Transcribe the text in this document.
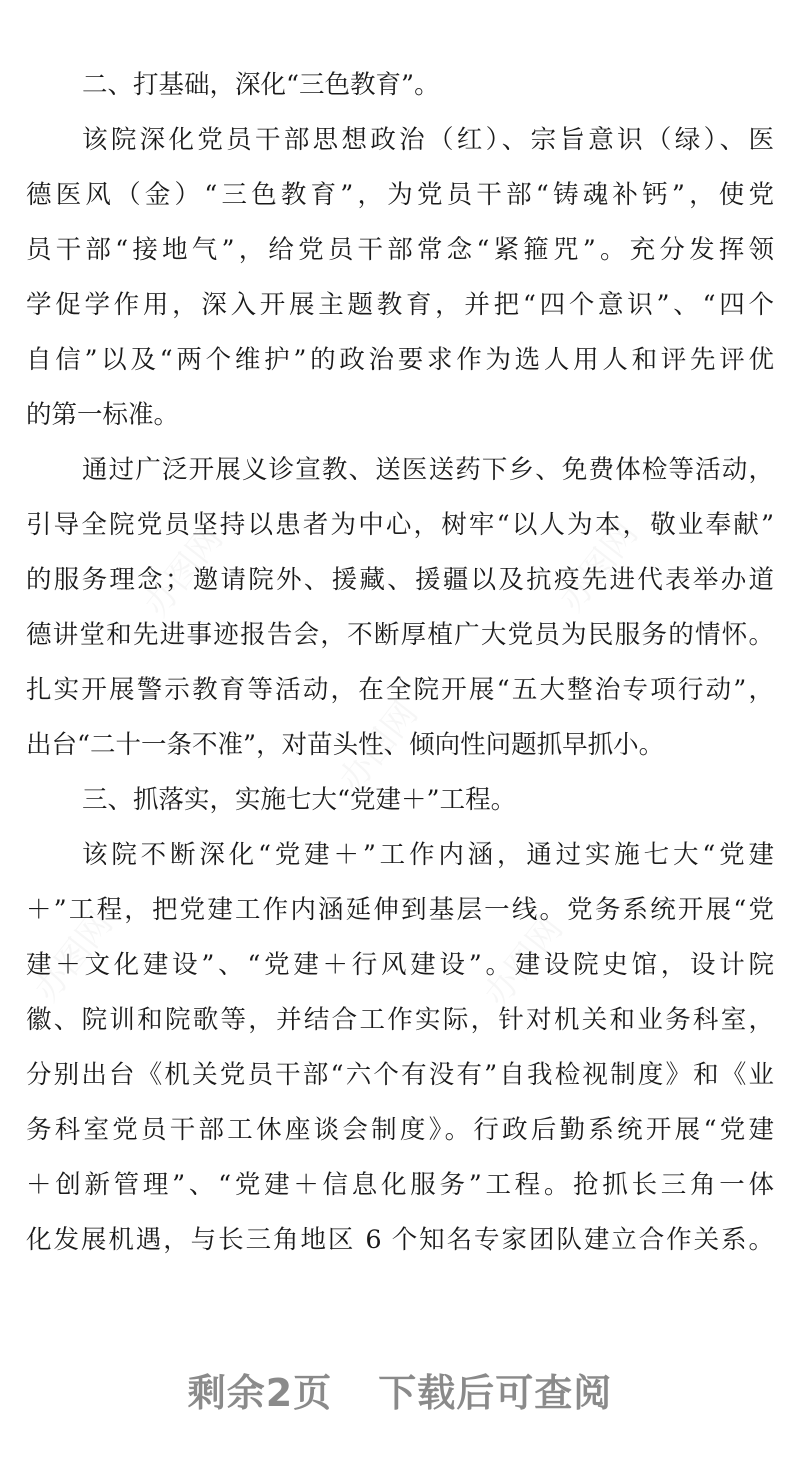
办图网
办图网
办图网
办图网	办图网
二、打基础，深化“三色教育”。
该院深化党员干部思想政治（红）、宗旨意识（绿）、医
德医风（金）“三色教育”，为党员干部“铸魂补钙”，使党
员干部“接地气”，给党员干部常念“紧箍咒”。充分发挥领
学促学作用，深入开展主题教育，并把“四个意识”、“四个
自信”以及“两个维护”的政治要求作为选人用人和评先评优
的第一标准。
通过广泛开展义诊宣教、送医送药下乡、免费体检等活动，
引导全院党员坚持以患者为中心，树牢“以人为本，敬业奉献”
的服务理念；邀请院外、援藏、援疆以及抗疫先进代表举办道
德讲堂和先进事迹报告会，不断厚植广大党员为民服务的情怀。
扎实开展警示教育等活动，在全院开展“五大整治专项行动”，
出台“二十一条不准”，对苗头性、倾向性问题抓早抓小。
三、抓落实，实施七大“党建＋”工程。
该院不断深化“党建＋”工作内涵，通过实施七大“党建
＋”工程，把党建工作内涵延伸到基层一线。党务系统开展“党
建＋文化建设”、“党建＋行风建设”。建设院史馆，设计院
徽、院训和院歌等，并结合工作实际，针对机关和业务科室，
分别出台《机关党员干部“六个有没有”自我检视制度》和《业
务科室党员干部工休座谈会制度》。行政后勤系统开展“党建
＋创新管理”、“党建＋信息化服务”工程。抢抓长三角一体
化发展机遇，与长三角地区 6 个知名专家团队建立合作关系。
剩余2页 下载后可查阅
